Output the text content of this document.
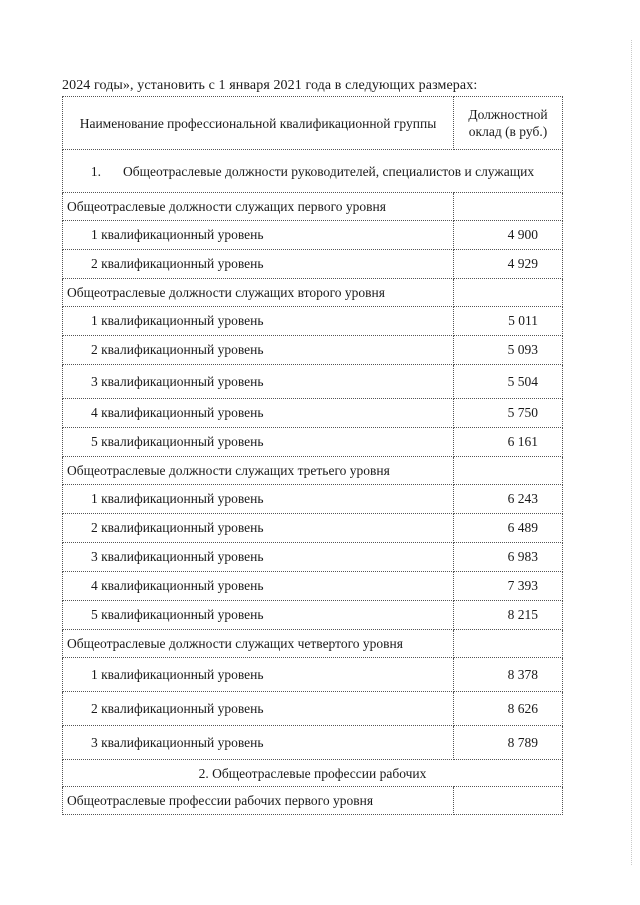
2024 годы», установить с 1 января 2021 года в следующих размерах:
Наименование профессиональной квалификационной группы	Должностной оклад (в руб.)
1. Общеотраслевые должности руководителей, специалистов и служащих	
Общеотраслевые должности служащих первого уровня	
1 квалификационный уровень	4 900
2 квалификационный уровень	4 929
Общеотраслевые должности служащих второго уровня	
1 квалификационный уровень	5 011
2 квалификационный уровень	5 093
3 квалификационный уровень	5 504
4 квалификационный уровень	5 750
5 квалификационный уровень	6 161
Общеотраслевые должности служащих третьего уровня	
1 квалификационный уровень	6 243
2 квалификационный уровень	6 489
3 квалификационный уровень	6 983
4 квалификационный уровень	7 393
5 квалификационный уровень	8 215
Общеотраслевые должности служащих четвертого уровня	
1 квалификационный уровень	8 378
2 квалификационный уровень	8 626
3 квалификационный уровень	8 789
2. Общеотраслевые профессии рабочих	
Общеотраслевые профессии рабочих первого уровня	
